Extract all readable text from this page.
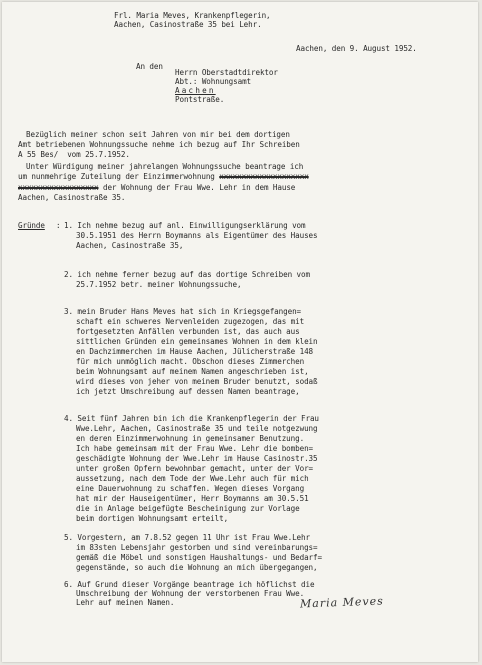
Frl. Maria Meves, Krankenpflegerin,
Aachen, Casinostraße 35 bei Lehr.
Aachen, den 9. August 1952.
An den
Herrn Oberstadtdirektor
Abt.: Wohnungsamt
Aachen
Pontstraße.
Bezüglich meiner schon seit Jahren von mir bei dem dortigen
Amt betriebenen Wohnungssuche nehme ich bezug auf Ihr Schreiben
A 55 Bes/  vom 25.7.1952.
Unter Würdigung meiner jahrelangen Wohnungssuche beantrage ich
um nunmehrige Zuteilung der Einzimmerwohnung xxxxxxxxxxxxxxxxxxxx
xxxxxxxxxxxxxxxxxx der Wohnung der Frau Wwe. Lehr in dem Hause
Aachen, Casinostraße 35.
Gründe : 1. Ich nehme bezug auf anl. Einwilligungserklärung vom
30.5.1951 des Herrn Boymanns als Eigentümer des Hauses
Aachen, Casinostraße 35,
2. ich nehme ferner bezug auf das dortige Schreiben vom
25.7.1952 betr. meiner Wohnungssuche,
3. mein Bruder Hans Meves hat sich in Kriegsgefangen=
schaft ein schweres Nervenleiden zugezogen, das mit
fortgesetzten Anfällen verbunden ist, das auch aus
sittlichen Gründen ein gemeinsames Wohnen in dem klein
en Dachzimmerchen im Hause Aachen, Jülicherstraße 148
für mich unmöglich macht. Obschon dieses Zimmerchen
beim Wohnungsamt auf meinem Namen angeschrieben ist,
wird dieses von jeher von meinem Bruder benutzt, sodaß
ich jetzt Umschreibung auf dessen Namen beantrage,
4. Seit fünf Jahren bin ich die Krankenpflegerin der Frau
Wwe.Lehr, Aachen, Casinostraße 35 und teile notgezwung
en deren Einzimmerwohnung in gemeinsamer Benutzung.
Ich habe gemeinsam mit der Frau Wwe. Lehr die bomben=
geschädigte Wohnung der Wwe.Lehr im Hause Casinostr.35
unter großen Opfern bewohnbar gemacht, unter der Vor=
aussetzung, nach dem Tode der Wwe.Lehr auch für mich
eine Dauerwohnung zu schaffen. Wegen dieses Vorgang
hat mir der Hauseigentümer, Herr Boymanns am 30.5.51
die in Anlage beigefügte Bescheinigung zur Vorlage
beim dortigen Wohnungsamt erteilt,
5. Vorgestern, am 7.8.52 gegen 11 Uhr ist Frau Wwe.Lehr
im 83sten Lebensjahr gestorben und sind vereinbarungs=
gemäß die Möbel und sonstigen Haushaltungs- und Bedarf=
gegenstände, so auch die Wohnung an mich übergegangen,
6. Auf Grund dieser Vorgänge beantrage ich höflichst die
Umschreibung der Wohnung der verstorbenen Frau Wwe.
Lehr auf meinen Namen.	Maria Meves
